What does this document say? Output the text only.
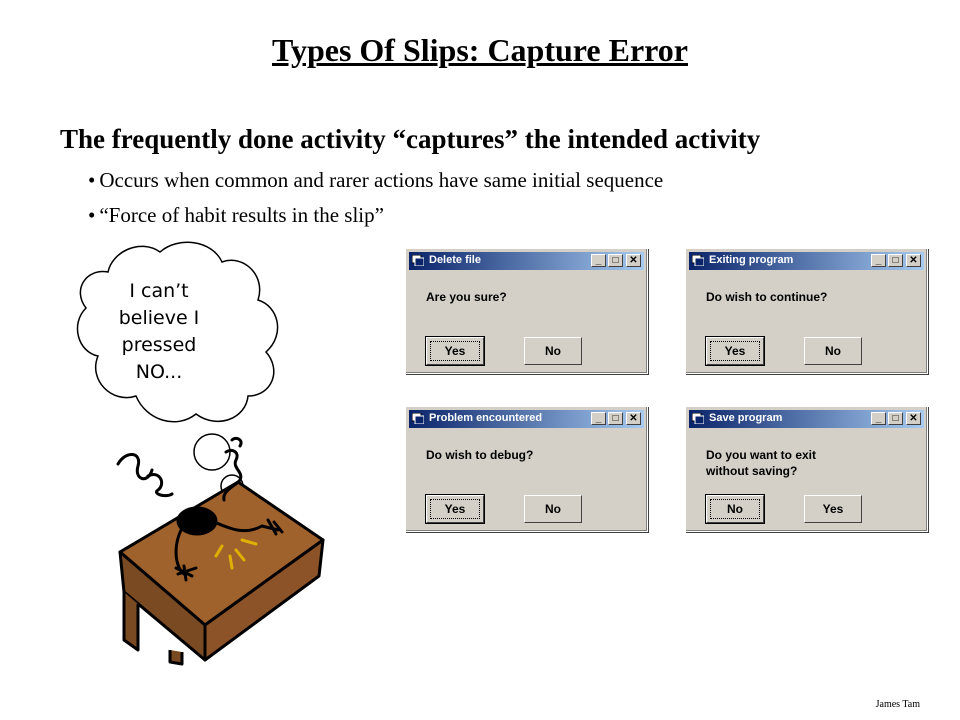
Types Of Slips: Capture Error
The frequently done activity “captures” the intended activity
• Occurs when common and rarer actions have same initial sequence
• “Force of habit results in the slip”
I can’t believe I pressed NO...
Delete file	_	□	✕
Are you sure?
Yes	No
Exiting program	_	□	✕
Do wish to continue?
Yes	No
Problem encountered	_	□	✕
Do wish to debug?
Yes	No
Save program	_	□	✕
Do you want to exit
without saving?
No	Yes
James Tam
